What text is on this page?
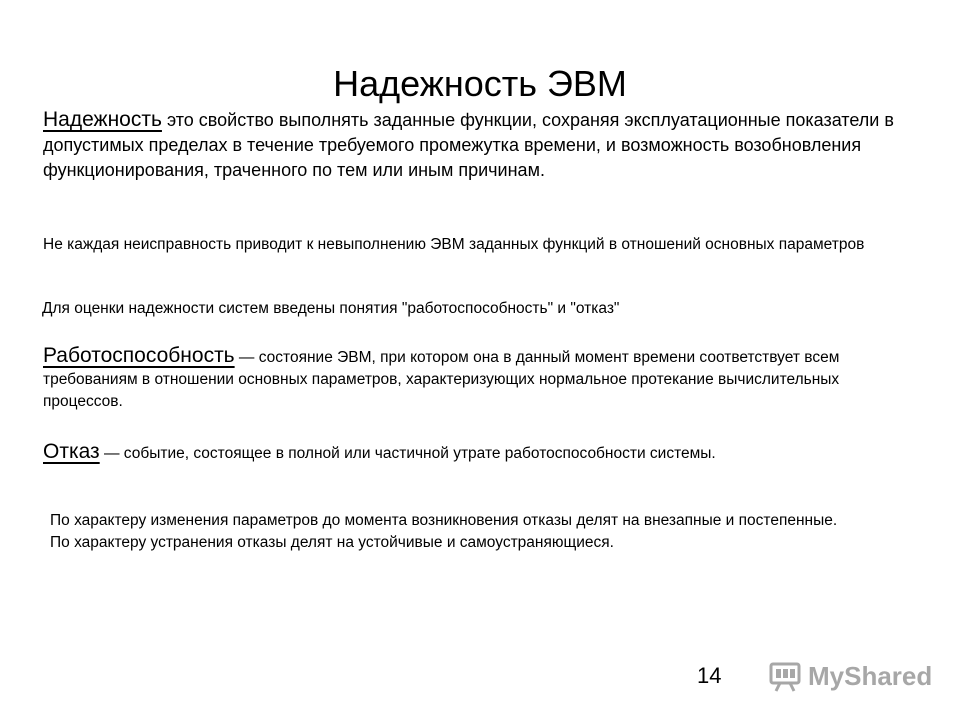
Надежность ЭВМ
Надежность это свойство выполнять заданные функции, сохраняя эксплуатационные показатели в допустимых пределах в течение требуемого промежутка времени, и возможность возобновления функционирования, траченного по тем или иным причинам.
Не каждая неисправность приводит к невыполнению ЭВМ заданных функций в отношений основных параметров
Для оценки надежности систем введены понятия "работоспособность" и "отказ"
Работоспособность — состояние ЭВМ, при котором она в данный момент времени соответствует всем требованиям в отношении основных параметров, характеризующих нормальное протекание вычислительных процессов.
Отказ — событие, состоящее в полной или частичной утрате работоспособности системы.
По характеру изменения параметров до момента возникновения отказы делят на внезапные и постепенные.
По характеру устранения отказы делят на устойчивые и самоустраняющиеся.
14	MyShared
